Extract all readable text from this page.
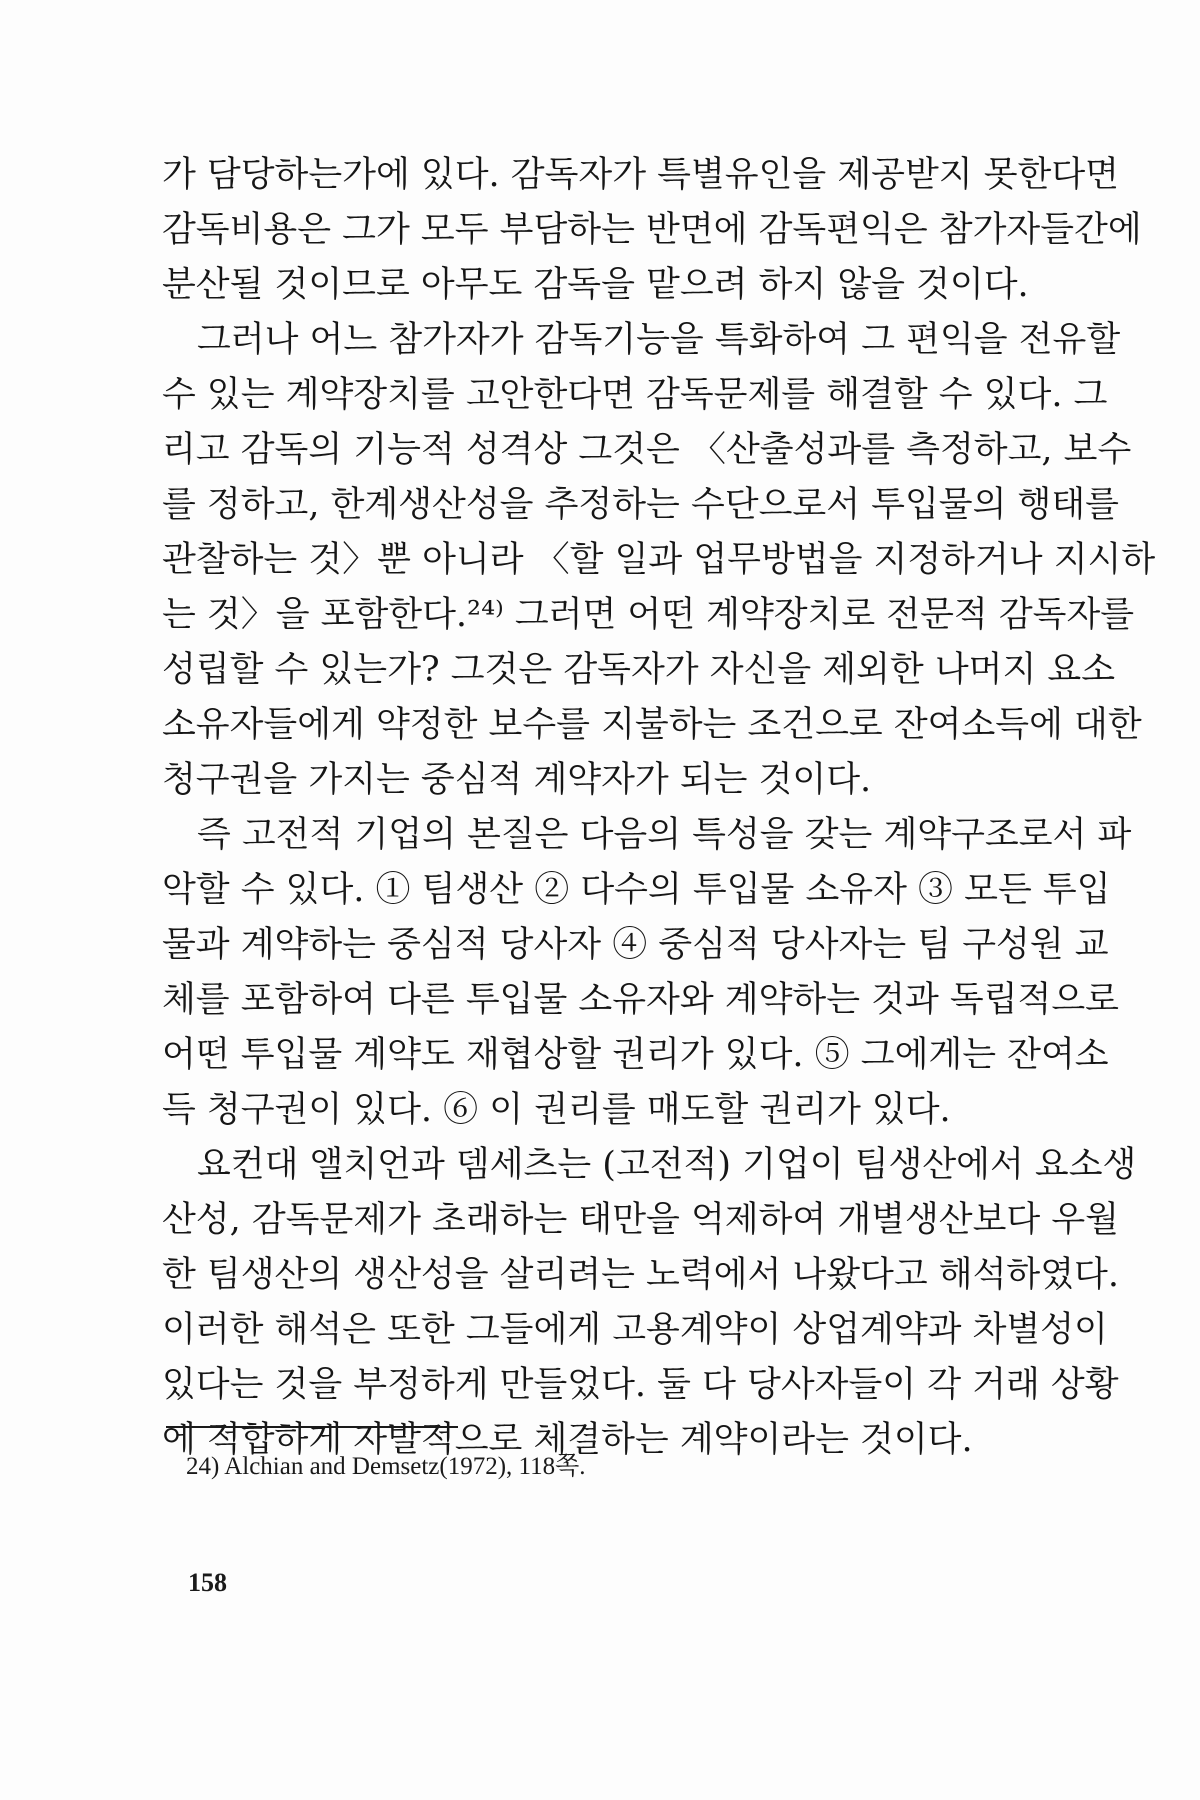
가 담당하는가에 있다. 감독자가 특별유인을 제공받지 못한다면
감독비용은 그가 모두 부담하는 반면에 감독편익은 참가자들간에
분산될 것이므로 아무도 감독을 맡으려 하지 않을 것이다.
그러나 어느 참가자가 감독기능을 특화하여 그 편익을 전유할
수 있는 계약장치를 고안한다면 감독문제를 해결할 수 있다. 그
리고 감독의 기능적 성격상 그것은 〈산출성과를 측정하고, 보수
를 정하고, 한계생산성을 추정하는 수단으로서 투입물의 행태를
관찰하는 것〉뿐 아니라 〈할 일과 업무방법을 지정하거나 지시하
는 것〉을 포함한다.²⁴⁾ 그러면 어떤 계약장치로 전문적 감독자를
성립할 수 있는가? 그것은 감독자가 자신을 제외한 나머지 요소
소유자들에게 약정한 보수를 지불하는 조건으로 잔여소득에 대한
청구권을 가지는 중심적 계약자가 되는 것이다.
즉 고전적 기업의 본질은 다음의 특성을 갖는 계약구조로서 파
악할 수 있다. ① 팀생산 ② 다수의 투입물 소유자 ③ 모든 투입
물과 계약하는 중심적 당사자 ④ 중심적 당사자는 팀 구성원 교
체를 포함하여 다른 투입물 소유자와 계약하는 것과 독립적으로
어떤 투입물 계약도 재협상할 권리가 있다. ⑤ 그에게는 잔여소
득 청구권이 있다. ⑥ 이 권리를 매도할 권리가 있다.
요컨대 앨치언과 뎀세츠는 (고전적) 기업이 팀생산에서 요소생
산성, 감독문제가 초래하는 태만을 억제하여 개별생산보다 우월
한 팀생산의 생산성을 살리려는 노력에서 나왔다고 해석하였다.
이러한 해석은 또한 그들에게 고용계약이 상업계약과 차별성이
있다는 것을 부정하게 만들었다. 둘 다 당사자들이 각 거래 상황
에 적합하게 자발적으로 체결하는 계약이라는 것이다.
24) Alchian and Demsetz(1972), 118쪽.
158
